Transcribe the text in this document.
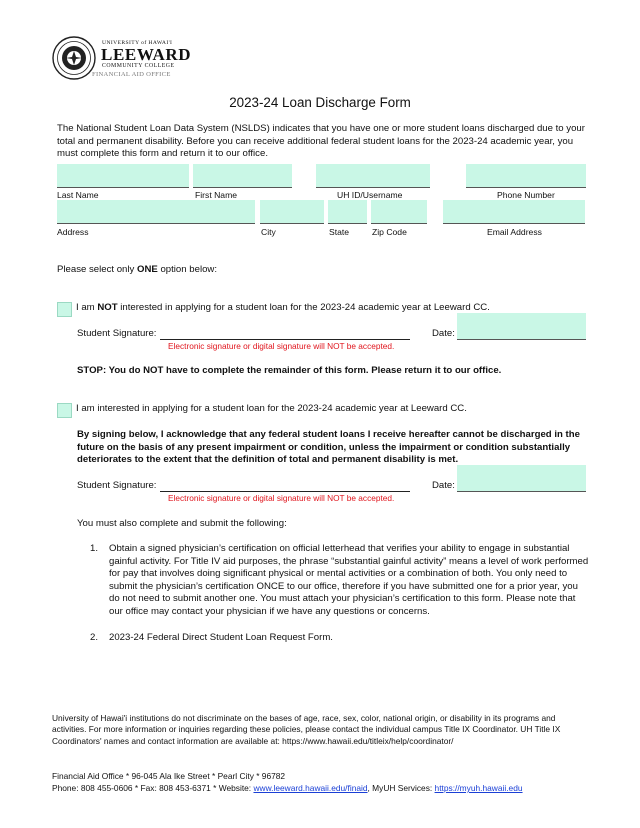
UNIVERSITY of HAWAI'I
LEEWARD
COMMUNITY COLLEGE
FINANCIAL AID OFFICE
2023-24 Loan Discharge Form
The National Student Loan Data System (NSLDS) indicates that you have one or more student loans discharged due to your total and permanent disability. Before you can receive additional federal student loans for the 2023-24 academic year, you must complete this form and return it to our office.
Last Name	First Name	UH ID/Username	Phone Number
Address	City	State	Zip Code	Email Address
Please select only ONE option below:
I am NOT interested in applying for a student loan for the 2023-24 academic year at Leeward CC.
Student Signature:
Electronic signature or digital signature will NOT be accepted.
Date:
STOP: You do NOT have to complete the remainder of this form. Please return it to our office.
I am interested in applying for a student loan for the 2023-24 academic year at Leeward CC.
By signing below, I acknowledge that any federal student loans I receive hereafter cannot be discharged in the future on the basis of any present impairment or condition, unless the impairment or condition substantially deteriorates to the extent that the definition of total and permanent disability is met.
Student Signature:
Electronic signature or digital signature will NOT be accepted.
Date:
You must also complete and submit the following:
1. Obtain a signed physician’s certification on official letterhead that verifies your ability to engage in substantial gainful activity. For Title IV aid purposes, the phrase “substantial gainful activity” means a level of work performed for pay that involves doing significant physical or mental activities or a combination of both. You only need to submit the physician’s certification ONCE to our office, therefore if you have submitted one for a prior year, you do not need to submit another one. You must attach your physician’s certification to this form. Please note that our office may contact your physician if we have any questions or concerns.
2. 2023-24 Federal Direct Student Loan Request Form.
University of Hawai'i institutions do not discriminate on the bases of age, race, sex, color, national origin, or disability in its programs and activities. For more information or inquiries regarding these policies, please contact the individual campus Title IX Coordinator. UH Title IX Coordinators' names and contact information are available at: https://www.hawaii.edu/titleix/help/coordinator/
Financial Aid Office * 96-045 Ala Ike Street * Pearl City * 96782
Phone: 808 455-0606 * Fax: 808 453-6371 * Website: www.leeward.hawaii.edu/finaid, MyUH Services: https://myuh.hawaii.edu
